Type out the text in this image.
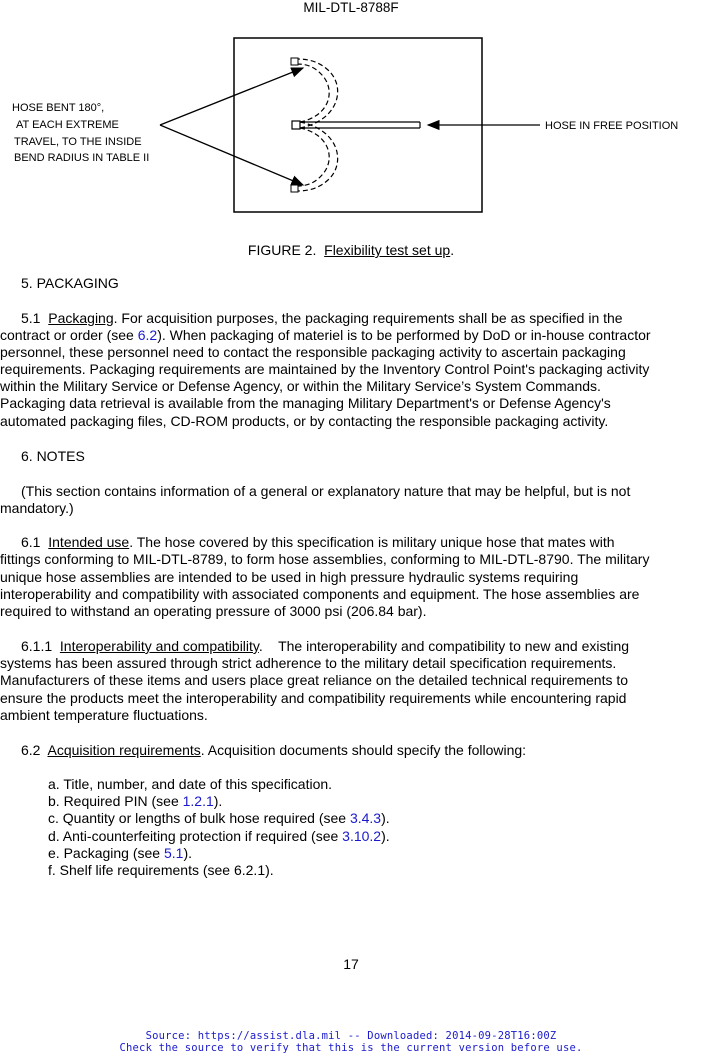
MIL-DTL-8788F
HOSE BENT 180°,
AT EACH EXTREME
TRAVEL, TO THE INSIDE
BEND RADIUS IN TABLE II
HOSE IN FREE POSITION
FIGURE 2. Flexibility test set up.
5. PACKAGING
5.1 Packaging. For acquisition purposes, the packaging requirements shall be as specified in the
contract or order (see 6.2). When packaging of materiel is to be performed by DoD or in-house contractor
personnel, these personnel need to contact the responsible packaging activity to ascertain packaging
requirements. Packaging requirements are maintained by the Inventory Control Point's packaging activity
within the Military Service or Defense Agency, or within the Military Service’s System Commands.
Packaging data retrieval is available from the managing Military Department's or Defense Agency's
automated packaging files, CD-ROM products, or by contacting the responsible packaging activity.
6. NOTES
(This section contains information of a general or explanatory nature that may be helpful, but is not
mandatory.)
6.1 Intended use. The hose covered by this specification is military unique hose that mates with
fittings conforming to MIL-DTL-8789, to form hose assemblies, conforming to MIL-DTL-8790. The military
unique hose assemblies are intended to be used in high pressure hydraulic systems requiring
interoperability and compatibility with associated components and equipment. The hose assemblies are
required to withstand an operating pressure of 3000 psi (206.84 bar).
6.1.1 Interoperability and compatibility.    The interoperability and compatibility to new and existing
systems has been assured through strict adherence to the military detail specification requirements.
Manufacturers of these items and users place great reliance on the detailed technical requirements to
ensure the products meet the interoperability and compatibility requirements while encountering rapid
ambient temperature fluctuations.
6.2 Acquisition requirements. Acquisition documents should specify the following:
a. Title, number, and date of this specification.
b. Required PIN (see 1.2.1).
c. Quantity or lengths of bulk hose required (see 3.4.3).
d. Anti-counterfeiting protection if required (see 3.10.2).
e. Packaging (see 5.1).
f. Shelf life requirements (see 6.2.1).
17
Source: https://assist.dla.mil -- Downloaded: 2014-09-28T16:00Z
Check the source to verify that this is the current version before use.
